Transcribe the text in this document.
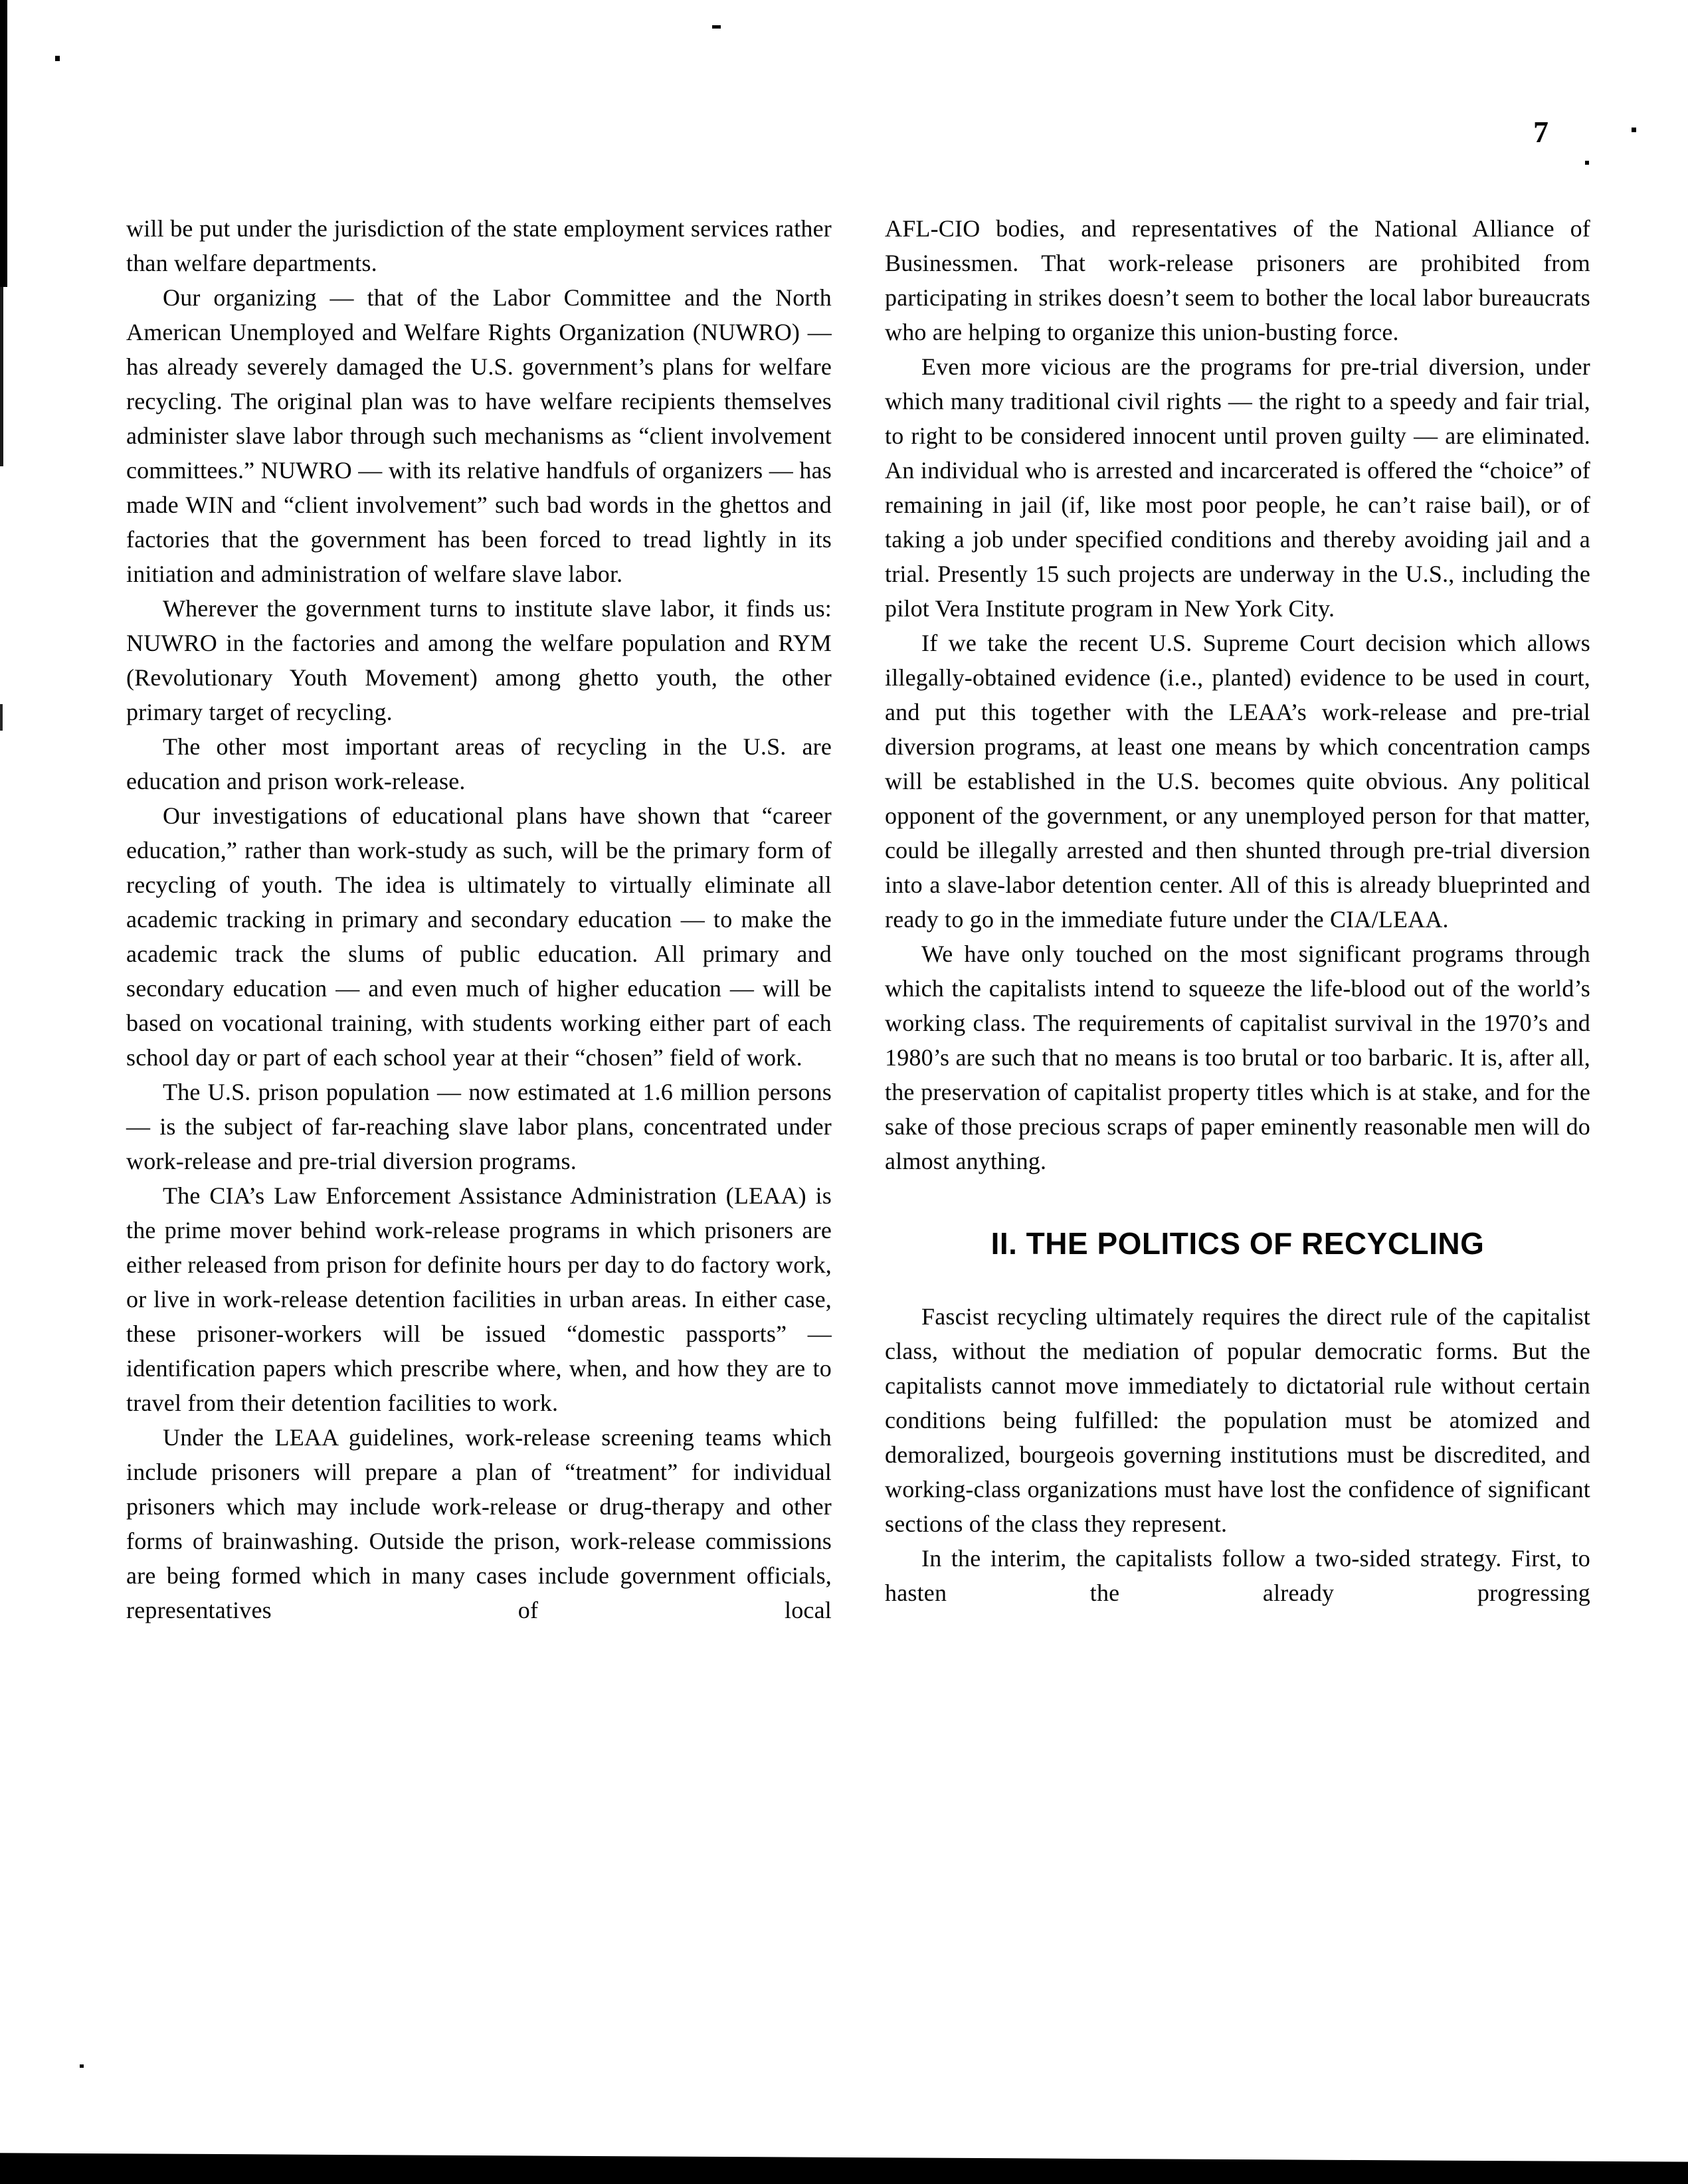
7

will be put under the jurisdiction of the state employment services rather than welfare departments.

Our organizing — that of the Labor Committee and the North American Unemployed and Welfare Rights Organization (NUWRO) — has already severely damaged the U.S. government’s plans for welfare recycling. The original plan was to have welfare recipients themselves administer slave labor through such mechanisms as “client involvement committees.” NUWRO — with its relative handfuls of organizers — has made WIN and “client involvement” such bad words in the ghettos and factories that the government has been forced to tread lightly in its initiation and administration of welfare slave labor.

Wherever the government turns to institute slave labor, it finds us: NUWRO in the factories and among the welfare population and RYM (Revolutionary Youth Movement) among ghetto youth, the other primary target of recycling.

The other most important areas of recycling in the U.S. are education and prison work-release.

Our investigations of educational plans have shown that “career education,” rather than work-study as such, will be the primary form of recycling of youth. The idea is ultimately to virtually eliminate all academic tracking in primary and secondary education — to make the academic track the slums of public education. All primary and secondary education — and even much of higher education — will be based on vocational training, with students working either part of each school day or part of each school year at their “chosen” field of work.

The U.S. prison population — now estimated at 1.6 million persons — is the subject of far-reaching slave labor plans, concentrated under work-release and pre-trial diversion programs.

The CIA’s Law Enforcement Assistance Administration (LEAA) is the prime mover behind work-release programs in which prisoners are either released from prison for definite hours per day to do factory work, or live in work-release detention facilities in urban areas. In either case, these prisoner-workers will be issued “domestic passports” — identification papers which prescribe where, when, and how they are to travel from their detention facilities to work.

Under the LEAA guidelines, work-release screening teams which include prisoners will prepare a plan of “treatment” for individual prisoners which may include work-release or drug-therapy and other forms of brainwashing. Outside the prison, work-release commissions are being formed which in many cases include government officials, representatives of local

AFL-CIO bodies, and representatives of the National Alliance of Businessmen. That work-release prisoners are prohibited from participating in strikes doesn’t seem to bother the local labor bureaucrats who are helping to organize this union-busting force.

Even more vicious are the programs for pre-trial diversion, under which many traditional civil rights — the right to a speedy and fair trial, to right to be considered innocent until proven guilty — are eliminated. An individual who is arrested and incarcerated is offered the “choice” of remaining in jail (if, like most poor people, he can’t raise bail), or of taking a job under specified conditions and thereby avoiding jail and a trial. Presently 15 such projects are underway in the U.S., including the pilot Vera Institute program in New York City.

If we take the recent U.S. Supreme Court decision which allows illegally-obtained evidence (i.e., planted) evidence to be used in court, and put this together with the LEAA’s work-release and pre-trial diversion programs, at least one means by which concentration camps will be established in the U.S. becomes quite obvious. Any political opponent of the government, or any unemployed person for that matter, could be illegally arrested and then shunted through pre-trial diversion into a slave-labor detention center. All of this is already blueprinted and ready to go in the immediate future under the CIA/LEAA.

We have only touched on the most significant programs through which the capitalists intend to squeeze the life-blood out of the world’s working class. The requirements of capitalist survival in the 1970’s and 1980’s are such that no means is too brutal or too barbaric. It is, after all, the preservation of capitalist property titles which is at stake, and for the sake of those precious scraps of paper eminently reasonable men will do almost anything.

II. THE POLITICS OF RECYCLING

Fascist recycling ultimately requires the direct rule of the capitalist class, without the mediation of popular democratic forms. But the capitalists cannot move immediately to dictatorial rule without certain conditions being fulfilled: the population must be atomized and demoralized, bourgeois governing institutions must be discredited, and working-class organizations must have lost the confidence of significant sections of the class they represent.

In the interim, the capitalists follow a two-sided strategy. First, to hasten the already progressing
